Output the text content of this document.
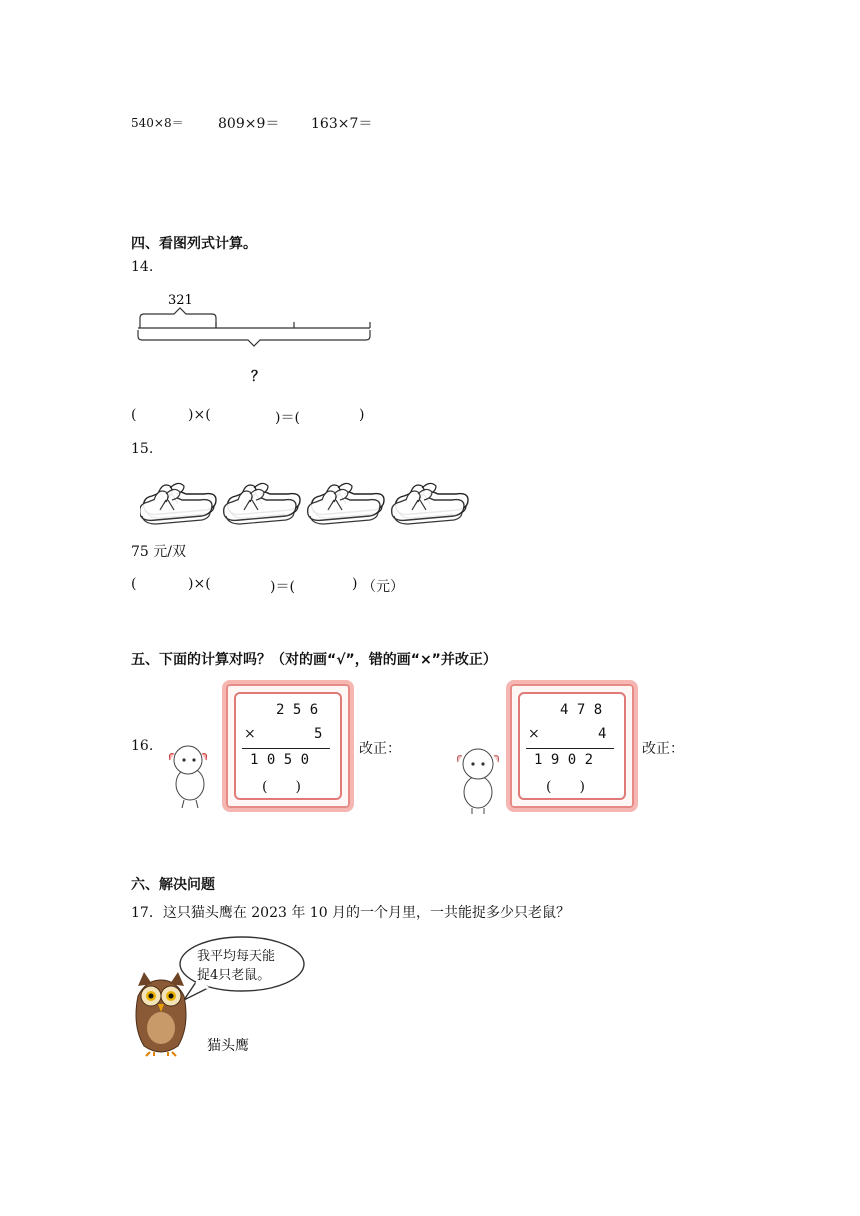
540×8＝ 809×9＝ 163×7＝
四、看图列式计算。
14.
321
？
(	)×(	)＝(	)
15.
75 元/双
(	)×(	)＝(	) （元）
五、下面的计算对吗？（对的画“√”，错的画“×”并改正）
16.
2 5 6
×	5
1 0 5 0
(　　)
改正：
4 7 8
×	4
1 9 0 2
(　　)
改正：
六、解决问题
17．这只猫头鹰在 2023 年 10 月的一个月里，一共能捉多少只老鼠？
我平均每天能
捉4只老鼠。
猫头鹰
